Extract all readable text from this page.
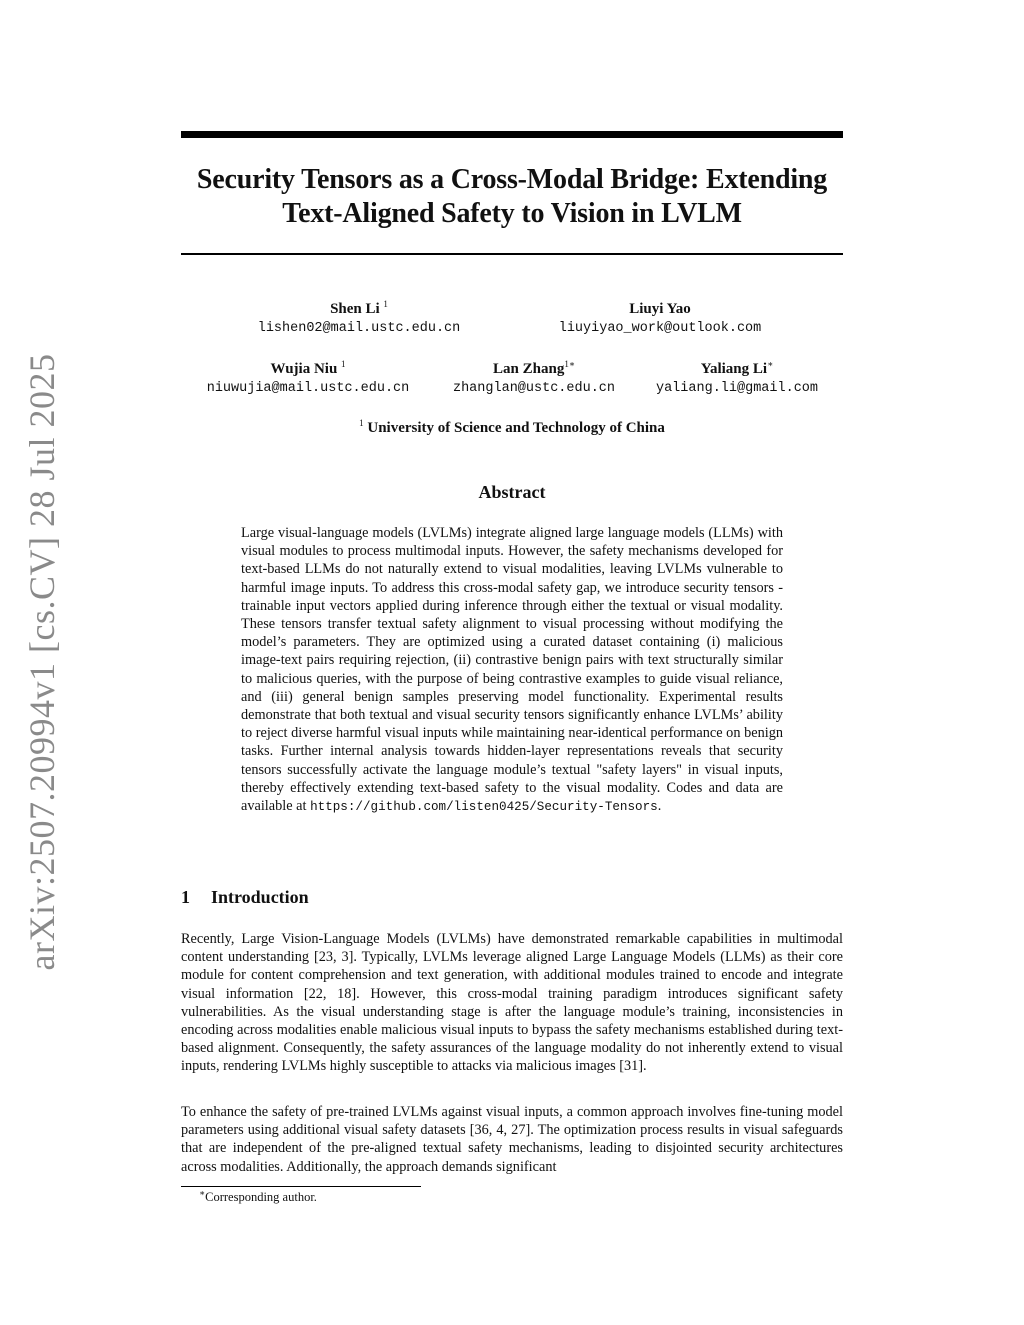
arXiv:2507.20994v1 [cs.CV] 28 Jul 2025
Security Tensors as a Cross-Modal Bridge: Extending Text-Aligned Safety to Vision in LVLM
Shen Li $^1$
lishen02@mail.ustc.edu.cn
Liuyi Yao
liuyiyao_work@outlook.com
Wujia Niu $^1$
niuwujia@mail.ustc.edu.cn
Lan Zhang$^{1∗}$
zhanglan@ustc.edu.cn
Yaliang Li∗
yaliang.li@gmail.com
$^1$ University of Science and Technology of China
Abstract

Large visual-language models (LVLMs) integrate aligned large language models (LLMs) with visual modules to process multimodal inputs. However, the safety mechanisms developed for text-based LLMs do not naturally extend to visual modalities, leaving LVLMs vulnerable to harmful image inputs. To address this cross-modal safety gap, we introduce security tensors - trainable input vectors applied during inference through either the textual or visual modality. These tensors transfer textual safety alignment to visual processing without modifying the model’s parameters. They are optimized using a curated dataset containing (i) malicious image-text pairs requiring rejection, (ii) contrastive benign pairs with text structurally similar to malicious queries, with the purpose of being contrastive examples to guide visual reliance, and (iii) general benign samples preserving model functionality. Experimental results demonstrate that both textual and visual security tensors significantly enhance LVLMs’ ability to reject diverse harmful visual inputs while maintaining near-identical performance on benign tasks. Further internal analysis towards hidden-layer representations reveals that security tensors successfully activate the language module’s textual "safety layers" in visual inputs, thereby effectively extending text-based safety to the visual modality. Codes and data are available at https://github.com/listen0425/Security-Tensors.

1 Introduction

Recently, Large Vision-Language Models (LVLMs) have demonstrated remarkable capabilities in multimodal content understanding [23, 3]. Typically, LVLMs leverage aligned Large Language Models (LLMs) as their core module for content comprehension and text generation, with additional modules trained to encode and integrate visual information [22, 18]. However, this cross-modal training paradigm introduces significant safety vulnerabilities. As the visual understanding stage is after the language module’s training, inconsistencies in encoding across modalities enable malicious visual inputs to bypass the safety mechanisms established during text-based alignment. Consequently, the safety assurances of the language modality do not inherently extend to visual inputs, rendering LVLMs highly susceptible to attacks via malicious images [31].

To enhance the safety of pre-trained LVLMs against visual inputs, a common approach involves fine-tuning model parameters using additional visual safety datasets [36, 4, 27]. The optimization process results in visual safeguards that are independent of the pre-aligned textual safety mechanisms, leading to disjointed security architectures across modalities. Additionally, the approach demands significant

∗Corresponding author.
